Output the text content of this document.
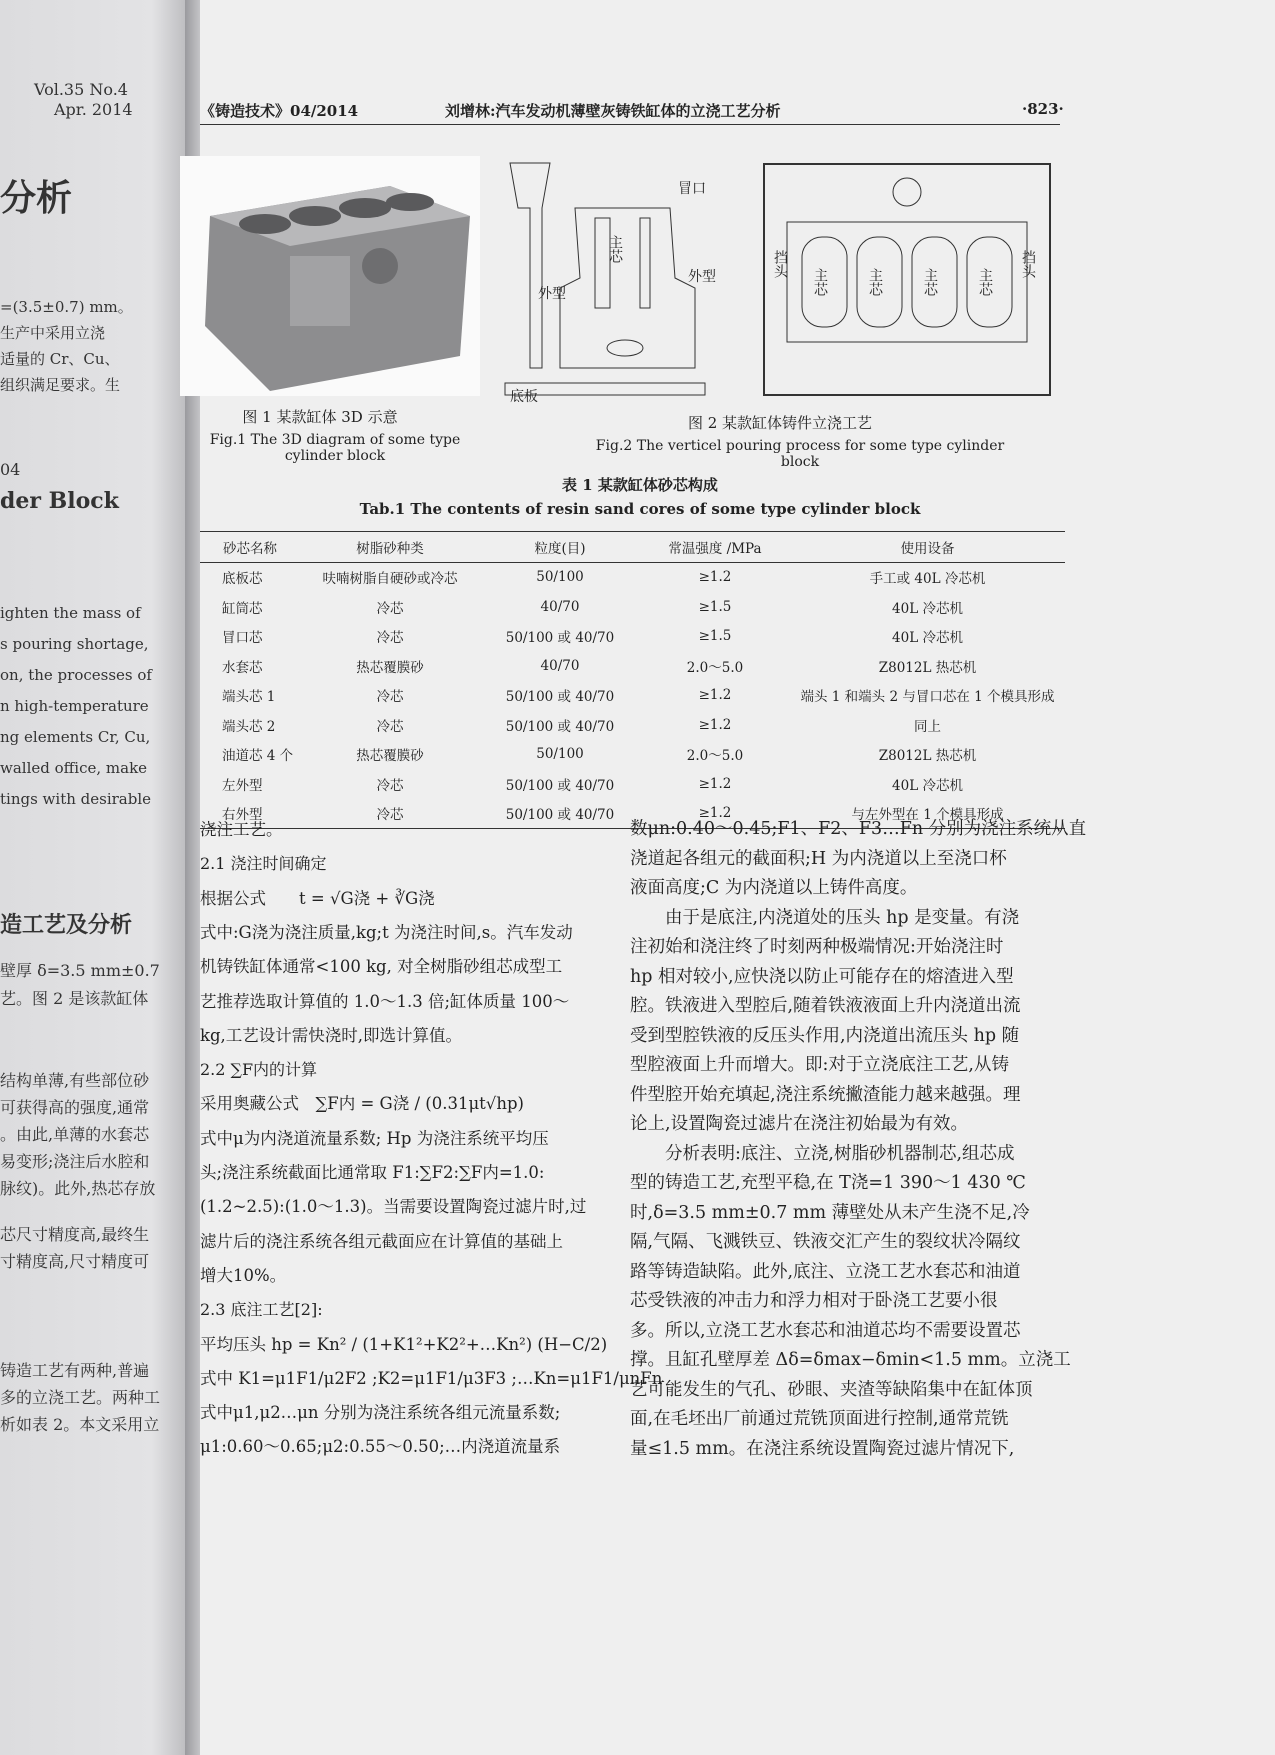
Vol.35 No.4
Apr. 2014
分析
04
der Block
造工艺及分析
=(3.5±0.7) mm。
生产中采用立浇
适量的 Cr、Cu、
组织满足要求。生
ighten the mass of
s pouring shortage,
on, the processes of
n high-temperature
ng elements Cr, Cu,
walled office, make
tings with desirable
壁厚 δ=3.5 mm±0.7
艺。图 2 是该款缸体
结构单薄,有些部位砂
可获得高的强度,通常
。由此,单薄的水套芯
易变形;浇注后水腔和
脉纹)。此外,热芯存放
芯尺寸精度高,最终生
寸精度高,尺寸精度可
铸造工艺有两种,普遍
多的立浇工艺。两种工
析如表 2。本文采用立
《铸造技术》04/2014	刘增林:汽车发动机薄壁灰铸铁缸体的立浇工艺分析	·823·
图 1 某款缸体 3D 示意
Fig.1 The 3D diagram of some type cylinder block
冒口
主芯
外型
外型
底板
挡头	挡头
主芯	主芯	主芯	主芯
图 2 某款缸体铸件立浇工艺
Fig.2 The verticel pouring process for some type cylinder block
表 1 某款缸体砂芯构成
Tab.1 The contents of resin sand cores of some type cylinder block
砂芯名称	树脂砂种类	粒度(目)	常温强度 /MPa	使用设备
底板芯	呋喃树脂自硬砂或冷芯	50/100	≥1.2	手工或 40L 冷芯机
缸筒芯	冷芯	40/70	≥1.5	40L 冷芯机
冒口芯	冷芯	50/100 或 40/70	≥1.5	40L 冷芯机
水套芯	热芯覆膜砂	40/70	2.0～5.0	Z8012L 热芯机
端头芯 1	冷芯	50/100 或 40/70	≥1.2	端头 1 和端头 2 与冒口芯在 1 个模具形成
端头芯 2	冷芯	50/100 或 40/70	≥1.2	同上
油道芯 4 个	热芯覆膜砂	50/100	2.0～5.0	Z8012L 热芯机
左外型	冷芯	50/100 或 40/70	≥1.2	40L 冷芯机
右外型	冷芯	50/100 或 40/70	≥1.2	与左外型在 1 个模具形成
浇注工艺。
2.1 浇注时间确定
根据公式　　t = √G浇 + ∛G浇
式中:G浇为浇注质量,kg;t 为浇注时间,s。汽车发动
机铸铁缸体通常<100 kg, 对全树脂砂组芯成型工
艺推荐选取计算值的 1.0～1.3 倍;缸体质量 100～
kg,工艺设计需快浇时,即选计算值。
2.2 ∑F内的计算
采用奥藏公式　∑F内 = G浇 / (0.31μt√hp)
式中μ为内浇道流量系数; Hp 为浇注系统平均压
头;浇注系统截面比通常取 F1:∑F2:∑F内=1.0:
(1.2~2.5):(1.0～1.3)。当需要设置陶瓷过滤片时,过
滤片后的浇注系统各组元截面应在计算值的基础上
增大10%。
2.3 底注工艺[2]:
平均压头 hp = Kn² / (1+K1²+K2²+…Kn²) (H−C/2)
式中 K1=μ1F1/μ2F2 ;K2=μ1F1/μ3F3 ;…Kn=μ1F1/μnFn
式中μ1,μ2…μn 分别为浇注系统各组元流量系数;
μ1:0.60～0.65;μ2:0.55～0.50;…内浇道流量系
数μn:0.40～0.45;F1、F2、F3…Fn 分别为浇注系统从直
浇道起各组元的截面积;H 为内浇道以上至浇口杯
液面高度;C 为内浇道以上铸件高度。
　　由于是底注,内浇道处的压头 hp 是变量。有浇
注初始和浇注终了时刻两种极端情况:开始浇注时
hp 相对较小,应快浇以防止可能存在的熔渣进入型
腔。铁液进入型腔后,随着铁液液面上升内浇道出流
受到型腔铁液的反压头作用,内浇道出流压头 hp 随
型腔液面上升而增大。即:对于立浇底注工艺,从铸
件型腔开始充填起,浇注系统撇渣能力越来越强。理
论上,设置陶瓷过滤片在浇注初始最为有效。
　　分析表明:底注、立浇,树脂砂机器制芯,组芯成
型的铸造工艺,充型平稳,在 T浇=1 390～1 430 ℃
时,δ=3.5 mm±0.7 mm 薄壁处从未产生浇不足,冷
隔,气隔、飞溅铁豆、铁液交汇产生的裂纹状冷隔纹
路等铸造缺陷。此外,底注、立浇工艺水套芯和油道
芯受铁液的冲击力和浮力相对于卧浇工艺要小很
多。所以,立浇工艺水套芯和油道芯均不需要设置芯
撑。且缸孔壁厚差 Δδ=δmax−δmin<1.5 mm。立浇工
艺可能发生的气孔、砂眼、夹渣等缺陷集中在缸体顶
面,在毛坯出厂前通过荒铣顶面进行控制,通常荒铣
量≤1.5 mm。在浇注系统设置陶瓷过滤片情况下,
